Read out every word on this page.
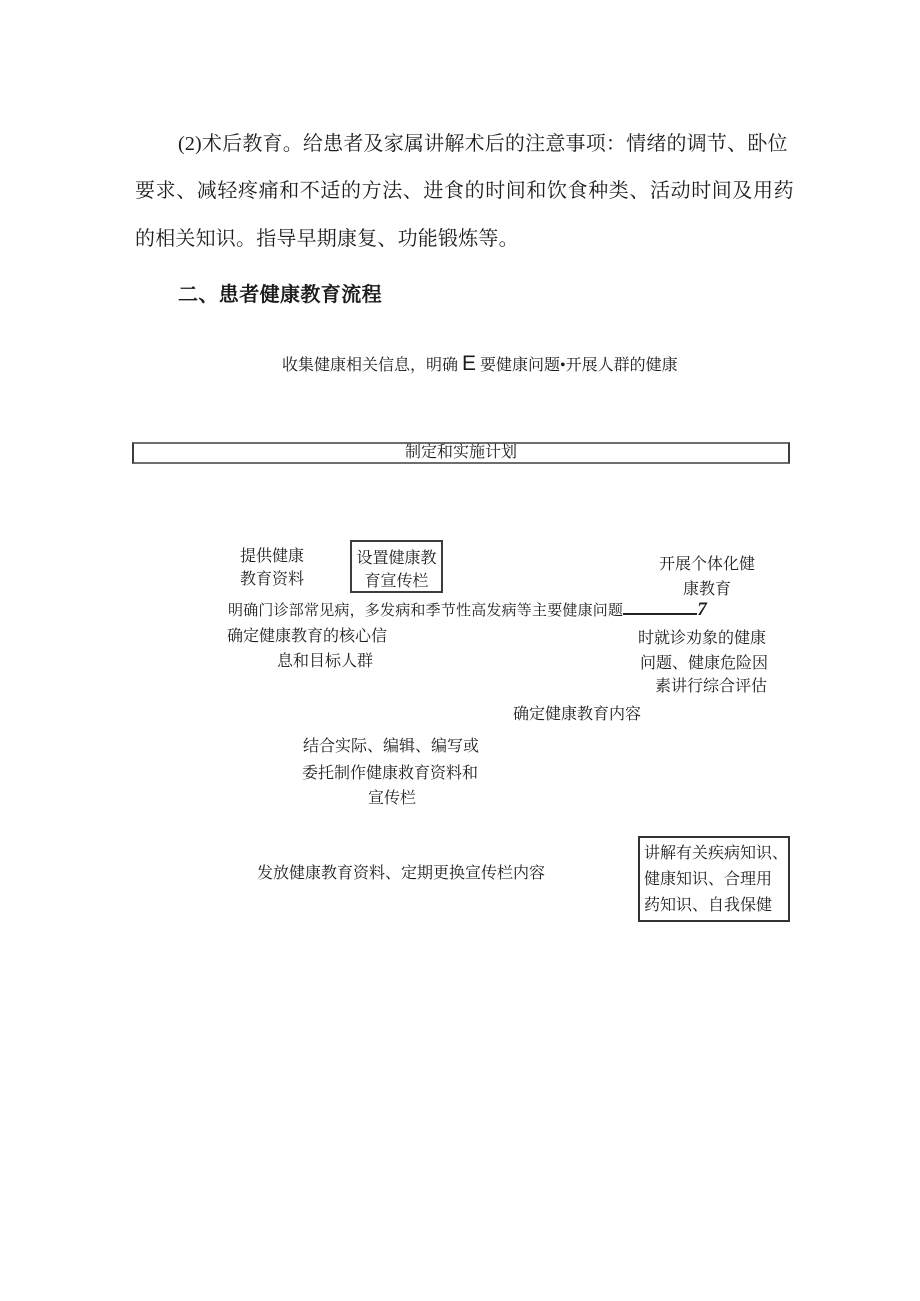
(2)术后教育。给患者及家属讲解术后的注意事项：情绪的调节、卧位
要求、减轻疼痛和不适的方法、进食的时间和饮食种类、活动时间及用药
的相关知识。指导早期康复、功能锻炼等。
二、患者健康教育流程
收集健康相关信息，明确 E 要健康问题•开展人群的健康
制定和实施计划
提供健康
教育资料
设置健康教
育宣传栏
开展个体化健
康教育
明确门诊部常见病，多发病和季节性高发病等主要健康问题	7
确定健康教育的核心信
息和目标人群
时就诊劝象的健康
问题、健康危险因
素讲行综合评估
确定健康教育内容
结合实际、编辑、编写或
委托制作健康救育资料和
宣传栏
发放健康教育资料、定期更换宣传栏内容
讲解有关疾病知识、
健康知识、合理用
药知识、自我保健
